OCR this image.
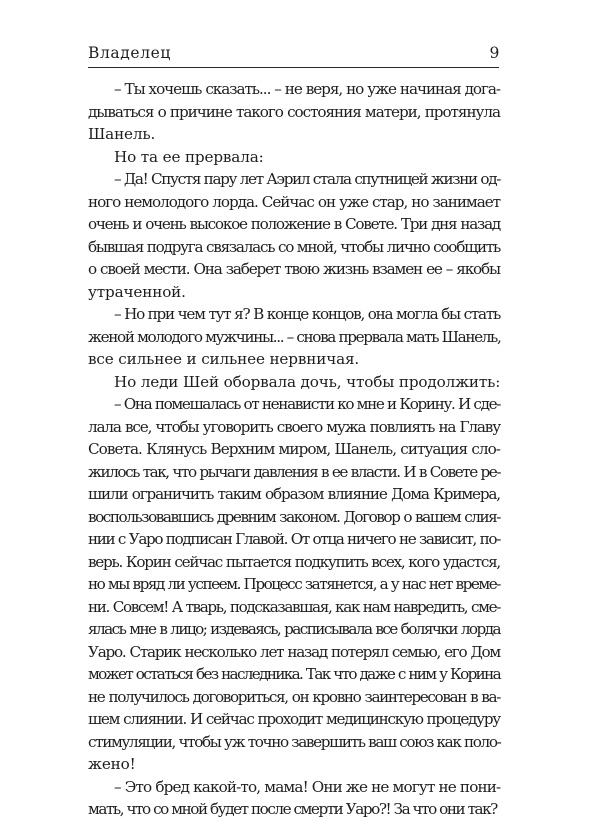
Владелец	9
– Ты хочешь сказать... – не веря, но уже начиная дога-
дываться о причине такого состояния матери, протянула
Шанель.
Но та ее прервала:
– Да! Спустя пару лет Аэрил стала спутницей жизни од-
ного немолодого лорда. Сейчас он уже стар, но занимает
очень и очень высокое положение в Совете. Три дня назад
бывшая подруга связалась со мной, чтобы лично сообщить
о своей мести. Она заберет твою жизнь взамен ее – якобы
утраченной.
– Но при чем тут я? В конце концов, она могла бы стать
женой молодого мужчины... – снова прервала мать Шанель,
все сильнее и сильнее нервничая.
Но леди Шей оборвала дочь, чтобы продолжить:
– Она помешалась от ненависти ко мне и Корину. И сде-
лала все, чтобы уговорить своего мужа повлиять на Главу
Совета. Клянусь Верхним миром, Шанель, ситуация сло-
жилось так, что рычаги давления в ее власти. И в Совете ре-
шили ограничить таким образом влияние Дома Кримера,
воспользовавшись древним законом. Договор о вашем слия-
нии с Уаро подписан Главой. От отца ничего не зависит, по-
верь. Корин сейчас пытается подкупить всех, кого удастся,
но мы вряд ли успеем. Процесс затянется, а у нас нет време-
ни. Совсем! А тварь, подсказавшая, как нам навредить, сме-
ялась мне в лицо; издеваясь, расписывала все болячки лорда
Уаро. Старик несколько лет назад потерял семью, его Дом
может остаться без наследника. Так что даже с ним у Корина
не получилось договориться, он кровно заинтересован в ва-
шем слиянии. И сейчас проходит медицинскую процедуру
стимуляции, чтобы уж точно завершить ваш союз как поло-
жено!
– Это бред какой-то, мама! Они же не могут не пони-
мать, что со мной будет после смерти Уаро?! За что они так?
